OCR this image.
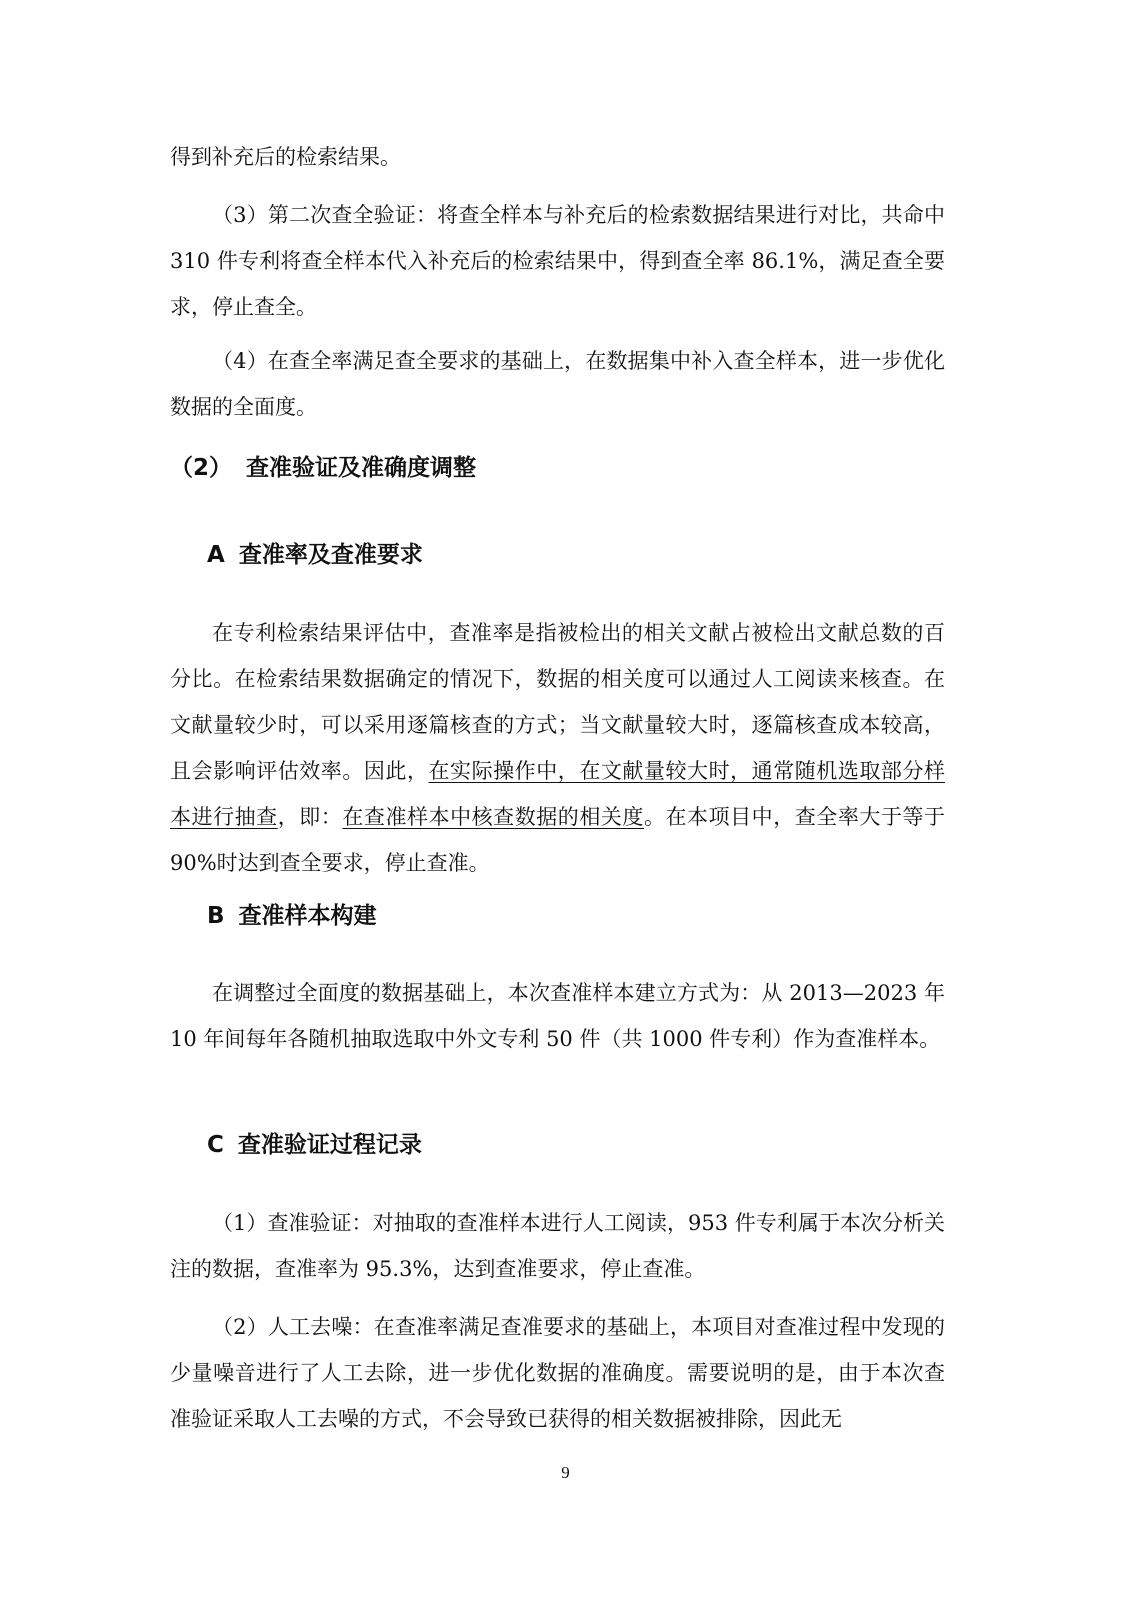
得到补充后的检索结果。

（3）第二次查全验证：将查全样本与补充后的检索数据结果进行对比，共命中 310 件专利将查全样本代入补充后的检索结果中，得到查全率 86.1%，满足查全要求，停止查全。

（4）在查全率满足查全要求的基础上，在数据集中补入查全样本，进一步优化数据的全面度。

（2） 查准验证及准确度调整
A 查准率及查准要求

在专利检索结果评估中，查准率是指被检出的相关文献占被检出文献总数的百分比。在检索结果数据确定的情况下，数据的相关度可以通过人工阅读来核查。在文献量较少时，可以采用逐篇核查的方式；当文献量较大时，逐篇核查成本较高，且会影响评估效率。因此，在实际操作中，在文献量较大时，通常随机选取部分样本进行抽查，即：在查准样本中核查数据的相关度。在本项目中，查全率大于等于 90%时达到查全要求，停止查准。

B 查准样本构建

在调整过全面度的数据基础上，本次查准样本建立方式为：从 2013—2023 年 10 年间每年各随机抽取选取中外文专利 50 件（共 1000 件专利）作为查准样本。

C 查准验证过程记录

（1）查准验证：对抽取的查准样本进行人工阅读，953 件专利属于本次分析关注的数据，查准率为 95.3%，达到查准要求，停止查准。

（2）人工去噪：在查准率满足查准要求的基础上，本项目对查准过程中发现的少量噪音进行了人工去除，进一步优化数据的准确度。需要说明的是，由于本次查准验证采取人工去噪的方式，不会导致已获得的相关数据被排除，因此无

9
